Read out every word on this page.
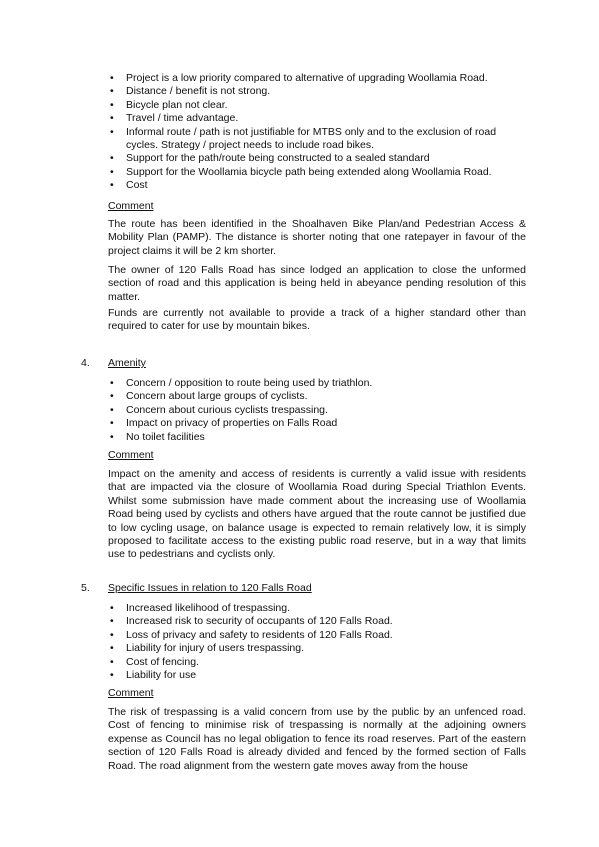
• Project is a low priority compared to alternative of upgrading Woollamia Road.
• Distance / benefit is not strong.
• Bicycle plan not clear.
• Travel / time advantage.
• Informal route / path is not justifiable for MTBS only and to the exclusion of road cycles. Strategy / project needs to include road bikes.
• Support for the path/route being constructed to a sealed standard
• Support for the Woollamia bicycle path being extended along Woollamia Road.
• Cost
Comment

The route has been identified in the Shoalhaven Bike Plan/and Pedestrian Access & Mobility Plan (PAMP). The distance is shorter noting that one ratepayer in favour of the project claims it will be 2 km shorter.

The owner of 120 Falls Road has since lodged an application to close the unformed section of road and this application is being held in abeyance pending resolution of this matter.

Funds are currently not available to provide a track of a higher standard other than required to cater for use by mountain bikes.

4. Amenity
• Concern / opposition to route being used by triathlon.
• Concern about large groups of cyclists.
• Concern about curious cyclists trespassing.
• Impact on privacy of properties on Falls Road
• No toilet facilities
Comment

Impact on the amenity and access of residents is currently a valid issue with residents that are impacted via the closure of Woollamia Road during Special Triathlon Events. Whilst some submission have made comment about the increasing use of Woollamia Road being used by cyclists and others have argued that the route cannot be justified due to low cycling usage, on balance usage is expected to remain relatively low, it is simply proposed to facilitate access to the existing public road reserve, but in a way that limits use to pedestrians and cyclists only.

5. Specific Issues in relation to 120 Falls Road
• Increased likelihood of trespassing.
• Increased risk to security of occupants of 120 Falls Road.
• Loss of privacy and safety to residents of 120 Falls Road.
• Liability for injury of users trespassing.
• Cost of fencing.
• Liability for use
Comment

The risk of trespassing is a valid concern from use by the public by an unfenced road. Cost of fencing to minimise risk of trespassing is normally at the adjoining owners expense as Council has no legal obligation to fence its road reserves. Part of the eastern section of 120 Falls Road is already divided and fenced by the formed section of Falls Road. The road alignment from the western gate moves away from the house
